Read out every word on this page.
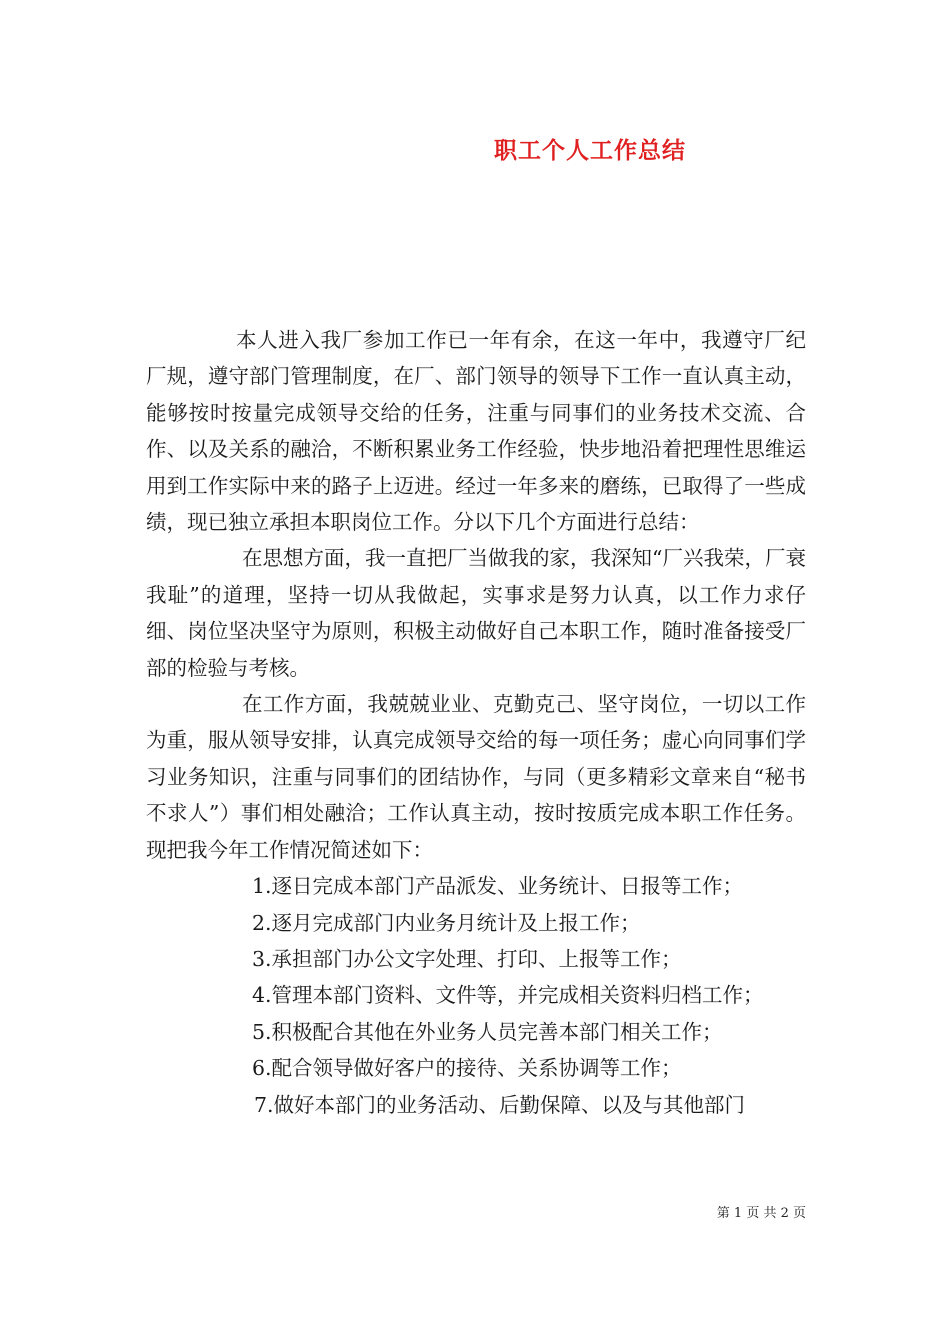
职工个人工作总结

本人进入我厂参加工作已一年有余，在这一年中，我遵守厂纪厂规，遵守部门管理制度，在厂、部门领导的领导下工作一直认真主动，能够按时按量完成领导交给的任务，注重与同事们的业务技术交流、合作、以及关系的融洽，不断积累业务工作经验，快步地沿着把理性思维运用到工作实际中来的路子上迈进。经过一年多来的磨练，已取得了一些成绩，现已独立承担本职岗位工作。分以下几个方面进行总结：

在思想方面，我一直把厂当做我的家，我深知“厂兴我荣，厂衰我耻”的道理，坚持一切从我做起，实事求是努力认真，以工作力求仔细、岗位坚决坚守为原则，积极主动做好自己本职工作，随时准备接受厂部的检验与考核。

在工作方面，我兢兢业业、克勤克己、坚守岗位，一切以工作为重，服从领导安排，认真完成领导交给的每一项任务；虚心向同事们学习业务知识，注重与同事们的团结协作，与同（更多精彩文章来自“秘书不求人”）事们相处融洽；工作认真主动，按时按质完成本职工作任务。现把我今年工作情况简述如下：

1.逐日完成本部门产品派发、业务统计、日报等工作；

2.逐月完成部门内业务月统计及上报工作；

3.承担部门办公文字处理、打印、上报等工作；

4.管理本部门资料、文件等，并完成相关资料归档工作；

5.积极配合其他在外业务人员完善本部门相关工作；

6.配合领导做好客户的接待、关系协调等工作；

7.做好本部门的业务活动、后勤保障、以及与其他部门

第 1 页 共 2 页
